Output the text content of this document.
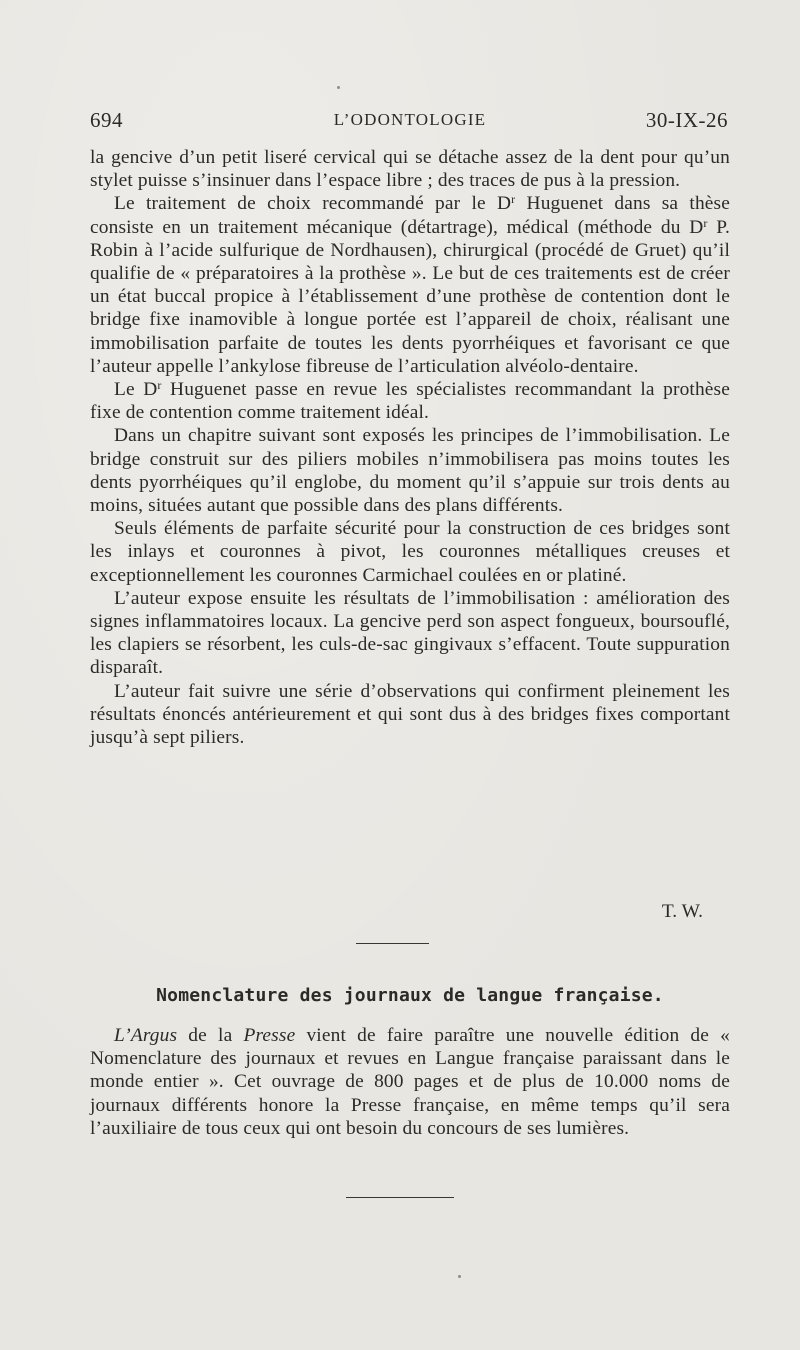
694	L’ODONTOLOGIE	30-IX-26

la gencive d’un petit liseré cervical qui se détache assez de la dent pour qu’un stylet puisse s’insinuer dans l’espace libre ; des traces de pus à la pression.

Le traitement de choix recommandé par le $D^r$ Huguenet dans sa thèse consiste en un traitement mécanique (détartrage), médical (méthode du $D^r$ P. Robin à l’acide sulfurique de Nordhausen), chirurgical (procédé de Gruet) qu’il qualifie de « préparatoires à la prothèse ». Le but de ces traitements est de créer un état buccal propice à l’établissement d’une prothèse de contention dont le bridge fixe inamovible à longue portée est l’appareil de choix, réalisant une immobilisation parfaite de toutes les dents pyorrhéiques et favorisant ce que l’auteur appelle l’ankylose fibreuse de l’articulation alvéolo-dentaire.

Le $D^r$ Huguenet passe en revue les spécialistes recommandant la prothèse fixe de contention comme traitement idéal.

Dans un chapitre suivant sont exposés les principes de l’immobilisation. Le bridge construit sur des piliers mobiles n’immobilisera pas moins toutes les dents pyorrhéiques qu’il englobe, du moment qu’il s’appuie sur trois dents au moins, situées autant que possible dans des plans différents.

Seuls éléments de parfaite sécurité pour la construction de ces bridges sont les inlays et couronnes à pivot, les couronnes métalliques creuses et exceptionnellement les couronnes Carmichael coulées en or platiné.

L’auteur expose ensuite les résultats de l’immobilisation : amélioration des signes inflammatoires locaux. La gencive perd son aspect fongueux, boursouflé, les clapiers se résorbent, les culs-de-sac gingivaux s’effacent. Toute suppuration disparaît.

L’auteur fait suivre une série d’observations qui confirment pleinement les résultats énoncés antérieurement et qui sont dus à des bridges fixes comportant jusqu’à sept piliers.

T. W.
Nomenclature des journaux de langue française.

L’Argus de la Presse vient de faire paraître une nouvelle édition de « Nomenclature des journaux et revues en Langue française paraissant dans le monde entier ». Cet ouvrage de 800 pages et de plus de 10.000 noms de journaux différents honore la Presse française, en même temps qu’il sera l’auxiliaire de tous ceux qui ont besoin du concours de ses lumières.
